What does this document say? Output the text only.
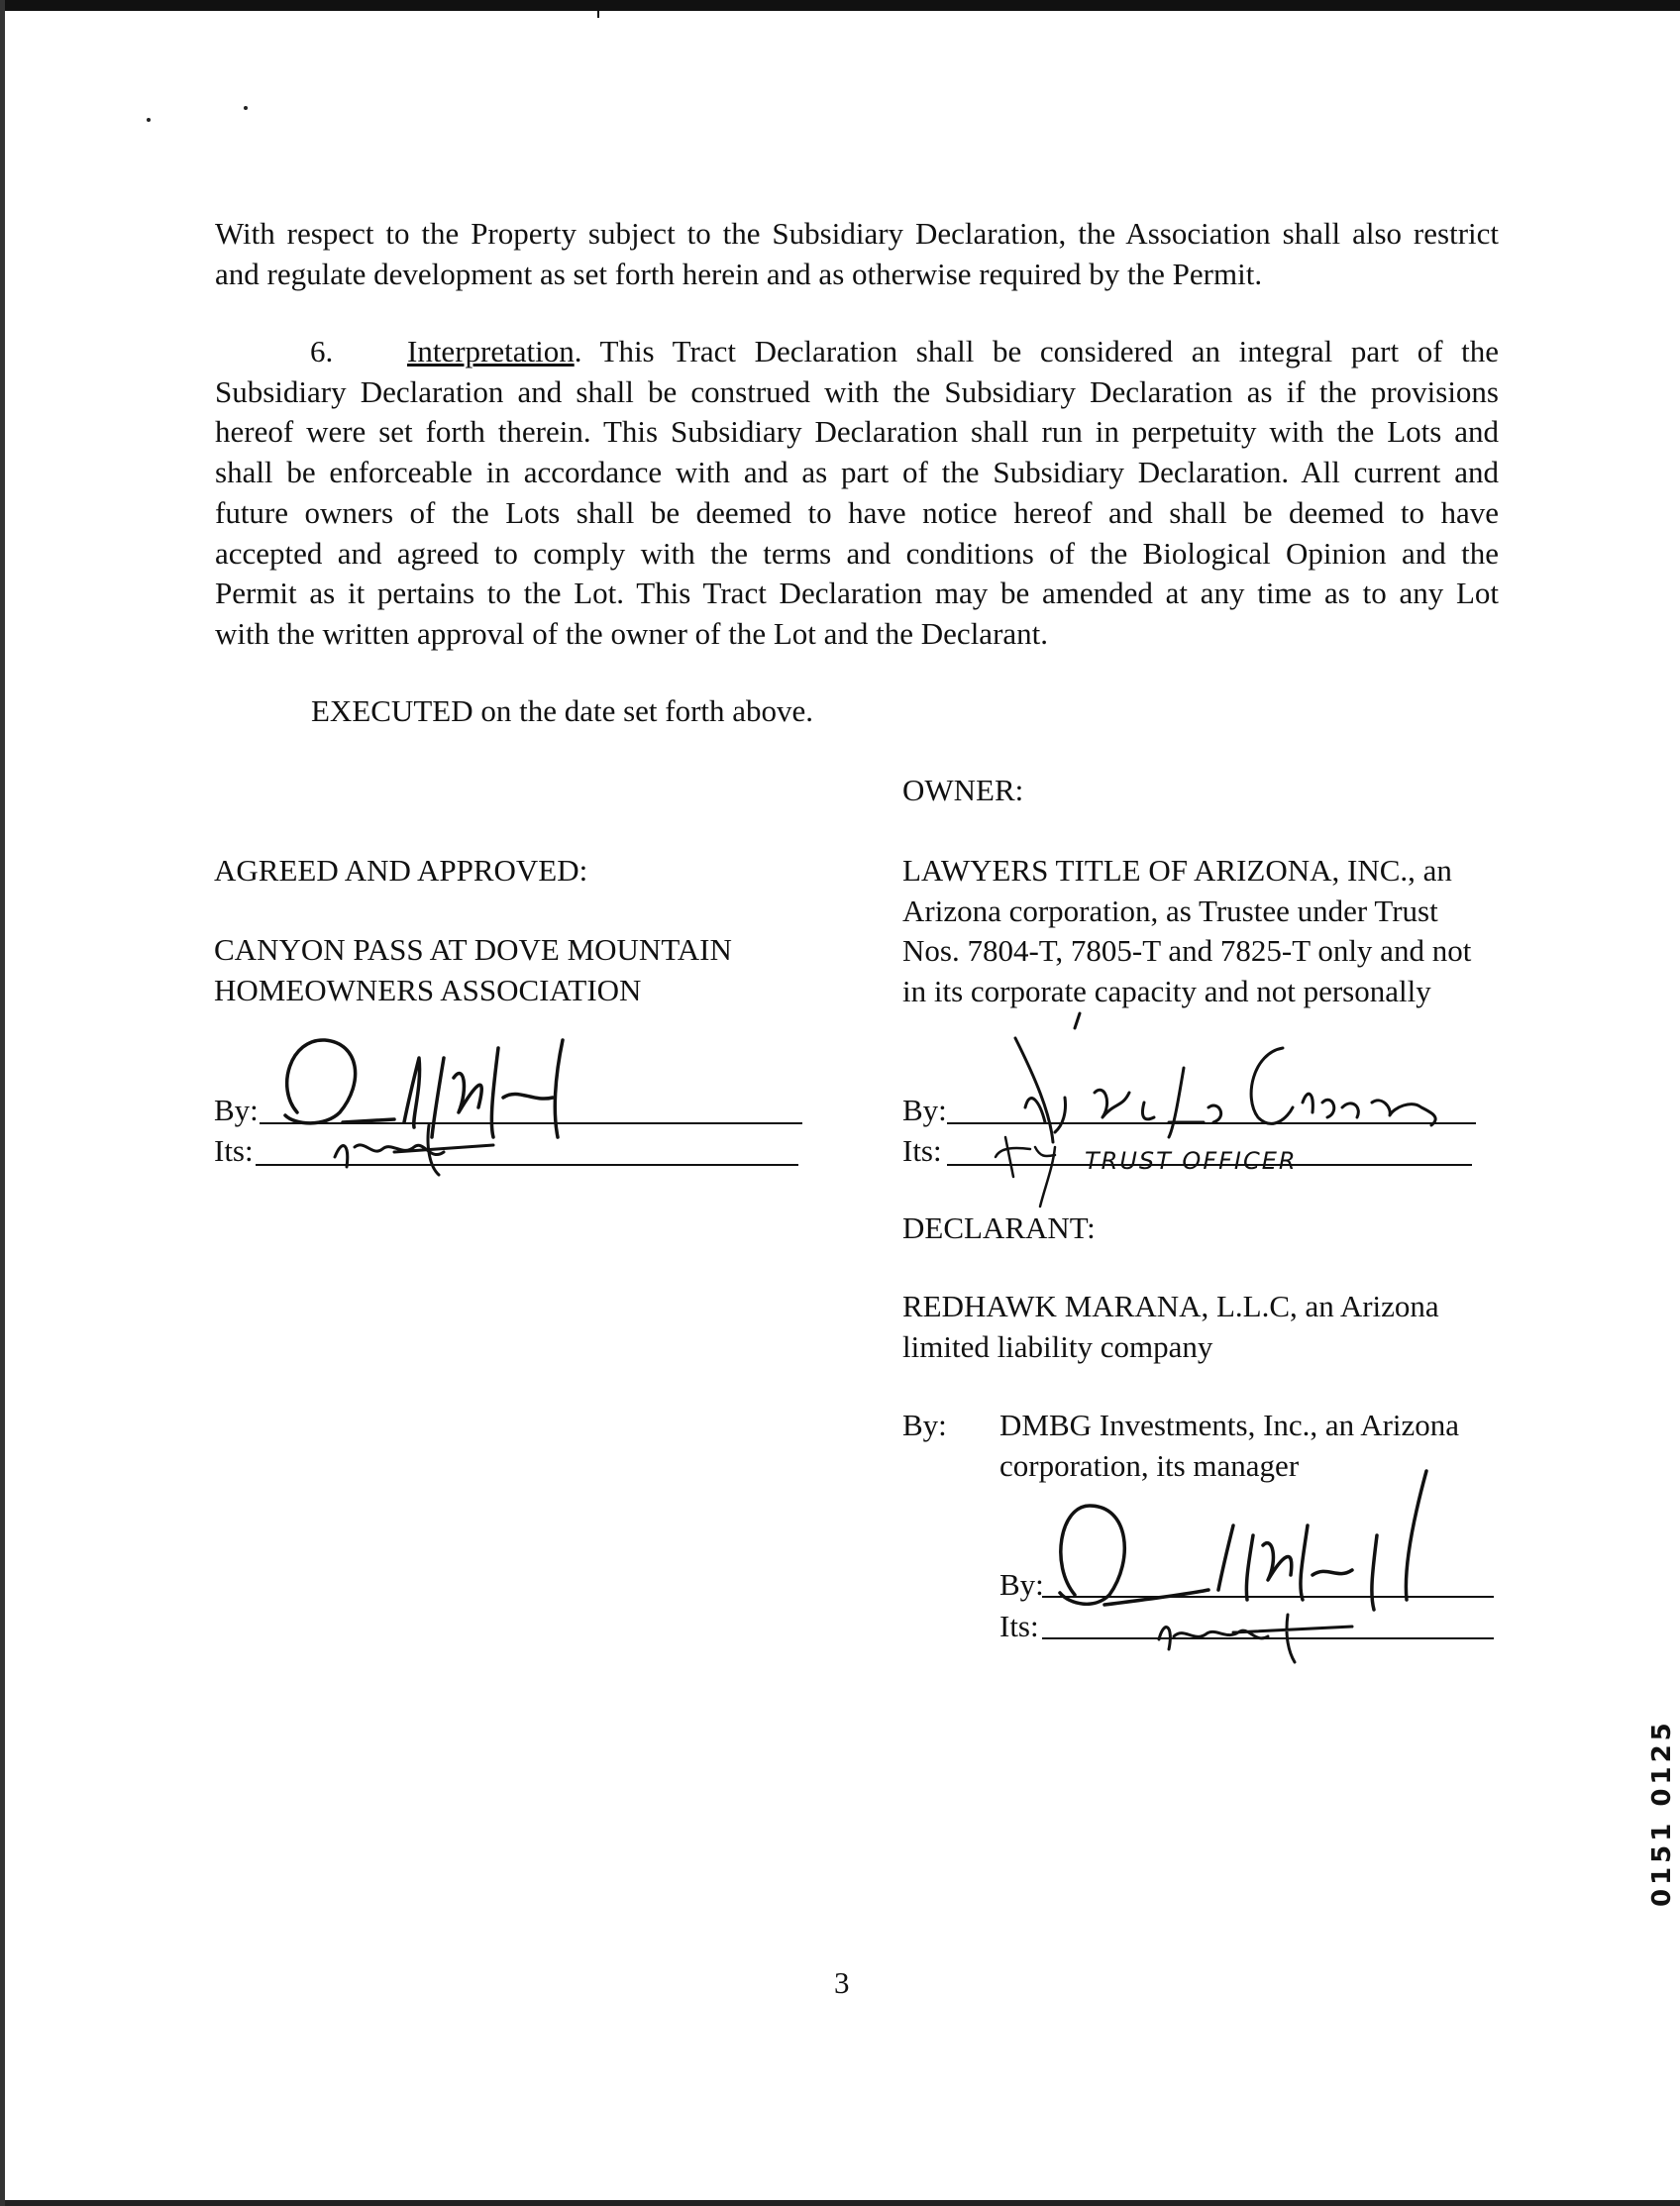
With respect to the Property subject to the Subsidiary Declaration, the Association shall also restrict
and regulate development as set forth herein and as otherwise required by the Permit.
6. Interpretation. This Tract Declaration shall be considered an integral part of the
Subsidiary Declaration and shall be construed with the Subsidiary Declaration as if the provisions
hereof were set forth therein. This Subsidiary Declaration shall run in perpetuity with the Lots and
shall be enforceable in accordance with and as part of the Subsidiary Declaration. All current and
future owners of the Lots shall be deemed to have notice hereof and shall be deemed to have
accepted and agreed to comply with the terms and conditions of the Biological Opinion and the
Permit as it pertains to the Lot. This Tract Declaration may be amended at any time as to any Lot
with the written approval of the owner of the Lot and the Declarant.
EXECUTED on the date set forth above.
OWNER:
AGREED AND APPROVED:
CANYON PASS AT DOVE MOUNTAIN
HOMEOWNERS ASSOCIATION
By:
Its:
LAWYERS TITLE OF ARIZONA, INC., an
Arizona corporation, as Trustee under Trust
Nos. 7804-T, 7805-T and 7825-T only and not
in its corporate capacity and not personally
By:
Its:	TRUST OFFICER
DECLARANT:
REDHAWK MARANA, L.L.C, an Arizona
limited liability company
By: DMBG Investments, Inc., an Arizona
corporation, its manager
By:
Its:
0151 0125
3
